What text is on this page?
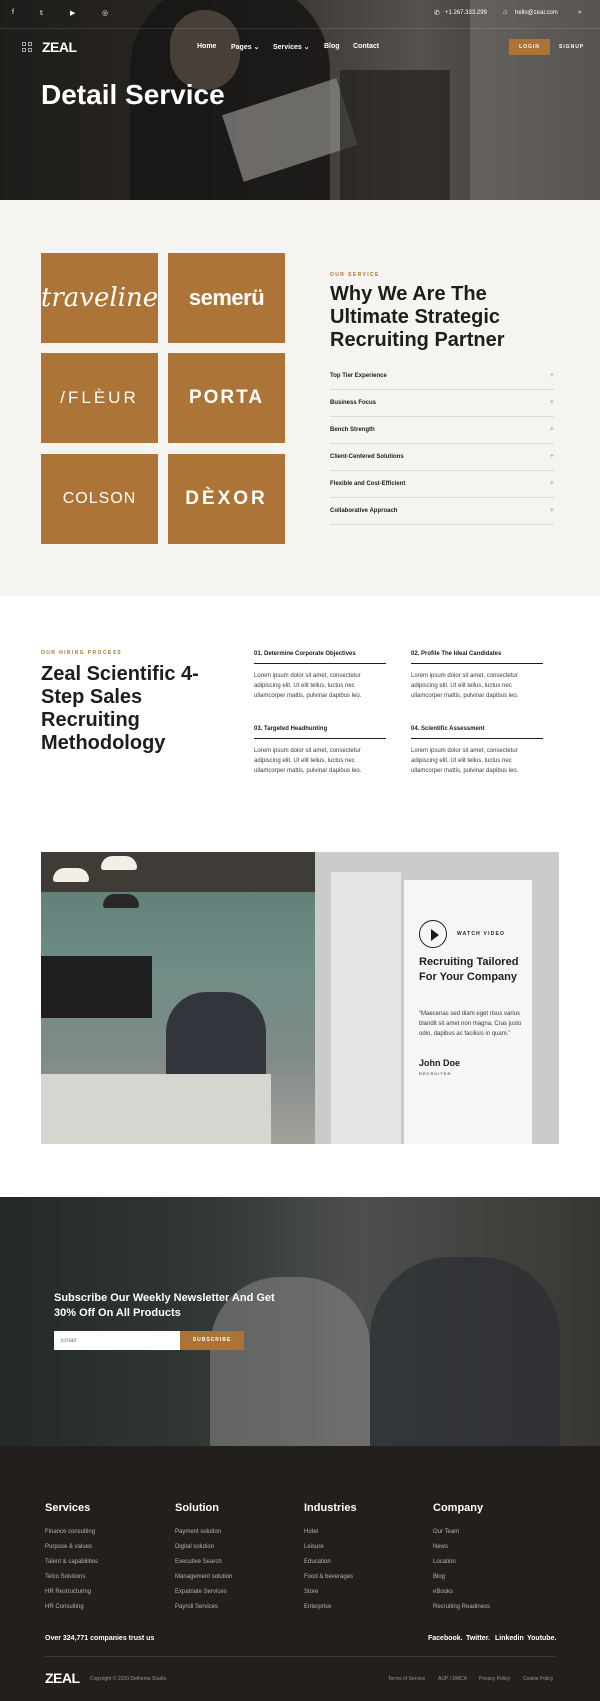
f	𝕥	▶	◎	✆ +1 267.333.299 ⌂ hello@zeal.com	⌕
ZEAL	Home Pages ⌄ Services ⌄ Blog Contact	LOGIN	SIGNUP
Detail Service
traveline semerü
/FLÈUR	PORTA
COLSON	DÈXOR
OUR SERVICE
Why We Are The Ultimate Strategic Recruiting Partner
Top Tier Experience	+
Business Focus	+
Bench Strength	+
Client-Centered Solutions	+
Flexible and Cost-Efficient	+
Collaborative Approach	+
OUR HIRING PROCESS
Zeal Scientific 4-Step Sales Recruiting Methodology
01. Determine Corporate Objectives
Lorem ipsum dolor sit amet, consectetur adipiscing elit. Ut elit tellus, luctus nec ullamcorper mattis, pulvinar dapibus leo.
02. Profile The Ideal Candidates
Lorem ipsum dolor sit amet, consectetur adipiscing elit. Ut elit tellus, luctus nec ullamcorper mattis, pulvinar dapibus leo.
03. Targeted Headhunting
Lorem ipsum dolor sit amet, consectetur adipiscing elit. Ut elit tellus, luctus nec ullamcorper mattis, pulvinar dapibus leo.
04. Scientific Assessment
Lorem ipsum dolor sit amet, consectetur adipiscing elit. Ut elit tellus, luctus nec ullamcorper mattis, pulvinar dapibus leo.
WATCH VIDEO
Recruiting Tailored For Your Company

“Maecenas sed diam eget risus varius blandit sit amet non magna. Cras justo odio, dapibus ac facilisis in quam.”

John Doe
RECRUITER
Subscribe Our Weekly Newsletter And Get 30% Off On All Products
Email
SUBSCRIBE
Services
Finance consulting
Purpose & values
Talent & capabilities
Telco Solutions
HR Restructuring
HR Consulting
Solution
Payment solution
Digital solution
Executive Search
Management solution
Expatriate Services
Payroll Services
Industries
Hotel
Leisure
Education
Food & beverages
Store
Enterprise
Company
Our Team
News
Location
Blog
eBooks
Recruiting Readiness
Over 324,771 companies trust us	Facebook. Twitter. Linkedin Youtube.
ZEAL Copyright © 2020 Dethemе Studio	Terms of Service	AUP / DMCA Privacy Policy	Cookie Policy
